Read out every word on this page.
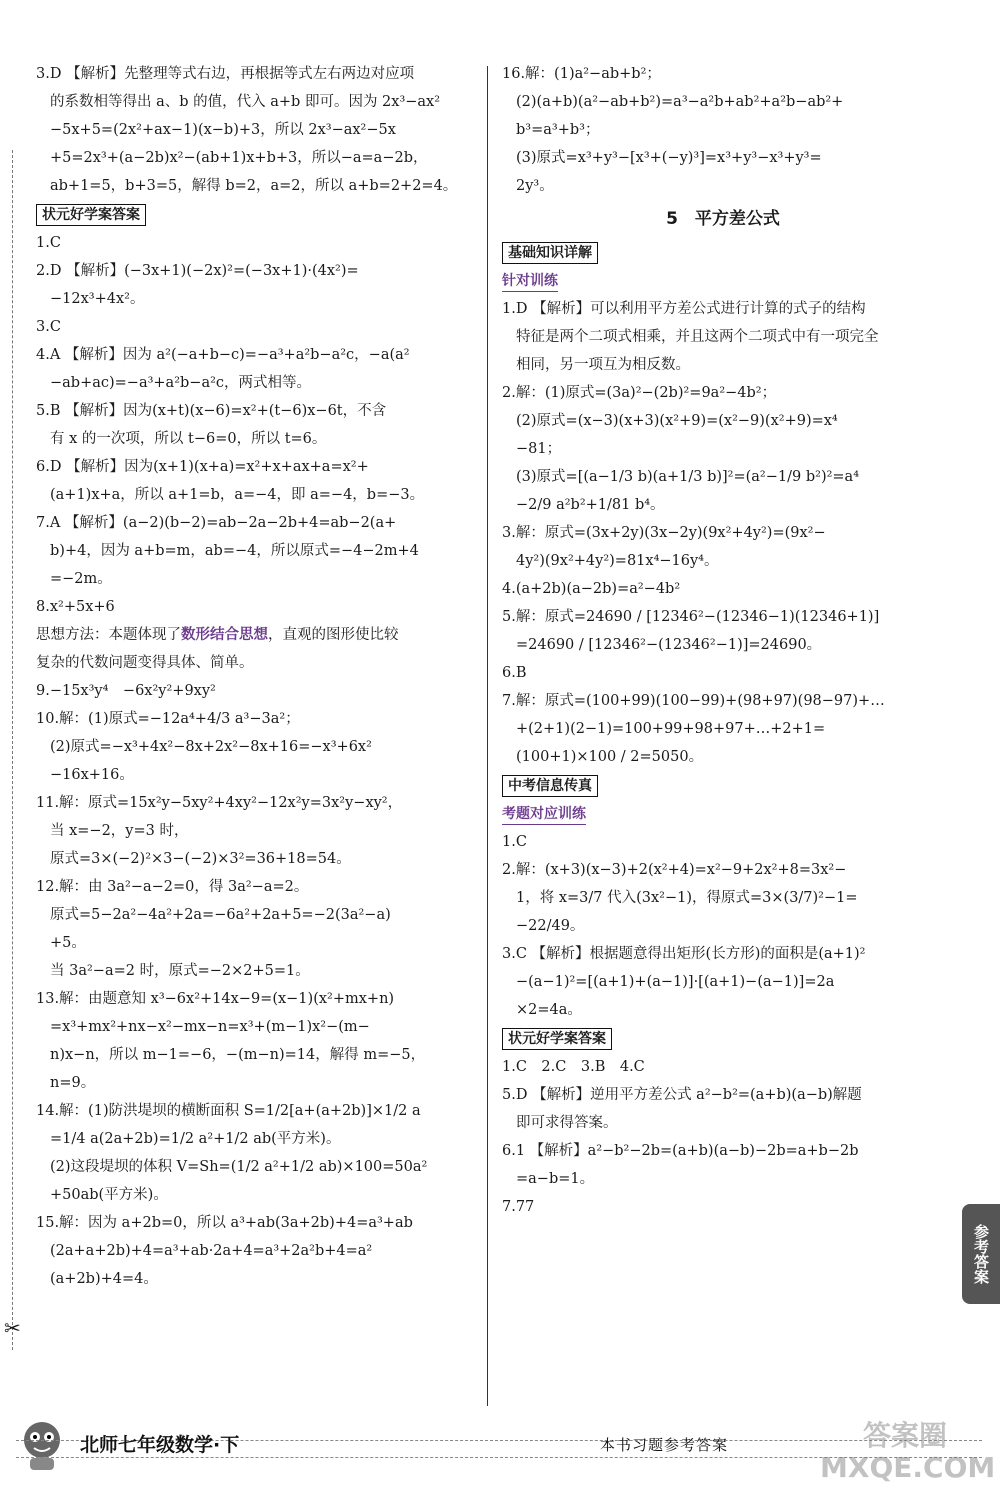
✂

3.D 【解析】先整理等式右边，再根据等式左右两边对应项

的系数相等得出 a、b 的值，代入 a+b 即可。因为 2x³−ax²

−5x+5=(2x²+ax−1)(x−b)+3，所以 2x³−ax²−5x

+5=2x³+(a−2b)x²−(ab+1)x+b+3，所以−a=a−2b，

ab+1=5，b+3=5，解得 b=2，a=2，所以 a+b=2+2=4。

状元好学案答案

1.C

2.D 【解析】(−3x+1)(−2x)²=(−3x+1)·(4x²)=

−12x³+4x²。

3.C

4.A 【解析】因为 a²(−a+b−c)=−a³+a²b−a²c，−a(a²

−ab+ac)=−a³+a²b−a²c，两式相等。

5.B 【解析】因为(x+t)(x−6)=x²+(t−6)x−6t，不含

有 x 的一次项，所以 t−6=0，所以 t=6。

6.D 【解析】因为(x+1)(x+a)=x²+x+ax+a=x²+

(a+1)x+a，所以 a+1=b，a=−4，即 a=−4，b=−3。

7.A 【解析】(a−2)(b−2)=ab−2a−2b+4=ab−2(a+

b)+4，因为 a+b=m，ab=−4，所以原式=−4−2m+4

=−2m。

8.x²+5x+6

思想方法：本题体现了数形结合思想，直观的图形使比较

复杂的代数问题变得具体、简单。

9.−15x³y⁴　−6x²y²+9xy²

10.解：(1)原式=−12a⁴+4/3 a³−3a²；

(2)原式=−x³+4x²−8x+2x²−8x+16=−x³+6x²

−16x+16。

11.解：原式=15x²y−5xy²+4xy²−12x²y=3x²y−xy²，

当 x=−2，y=3 时，

原式=3×(−2)²×3−(−2)×3²=36+18=54。

12.解：由 3a²−a−2=0，得 3a²−a=2。

原式=5−2a²−4a²+2a=−6a²+2a+5=−2(3a²−a)

+5。

当 3a²−a=2 时，原式=−2×2+5=1。

13.解：由题意知 x³−6x²+14x−9=(x−1)(x²+mx+n)

=x³+mx²+nx−x²−mx−n=x³+(m−1)x²−(m−

n)x−n，所以 m−1=−6，−(m−n)=14，解得 m=−5，

n=9。

14.解：(1)防洪堤坝的横断面积 S=1/2[a+(a+2b)]×1/2 a

=1/4 a(2a+2b)=1/2 a²+1/2 ab(平方米)。

(2)这段堤坝的体积 V=Sh=(1/2 a²+1/2 ab)×100=50a²

+50ab(平方米)。

15.解：因为 a+2b=0，所以 a³+ab(3a+2b)+4=a³+ab

(2a+a+2b)+4=a³+ab·2a+4=a³+2a²b+4=a²

(a+2b)+4=4。

16.解：(1)a²−ab+b²；

(2)(a+b)(a²−ab+b²)=a³−a²b+ab²+a²b−ab²+

b³=a³+b³；

(3)原式=x³+y³−[x³+(−y)³]=x³+y³−x³+y³=

2y³。

5　平方差公式
基础知识详解
针对训练

1.D 【解析】可以利用平方差公式进行计算的式子的结构

特征是两个二项式相乘，并且这两个二项式中有一项完全

相同，另一项互为相反数。

2.解：(1)原式=(3a)²−(2b)²=9a²−4b²；

(2)原式=(x−3)(x+3)(x²+9)=(x²−9)(x²+9)=x⁴

−81；

(3)原式=[(a−1/3 b)(a+1/3 b)]²=(a²−1/9 b²)²=a⁴

−2/9 a²b²+1/81 b⁴。

3.解：原式=(3x+2y)(3x−2y)(9x²+4y²)=(9x²−

4y²)(9x²+4y²)=81x⁴−16y⁴。

4.(a+2b)(a−2b)=a²−4b²

5.解：原式=24690 / [12346²−(12346−1)(12346+1)]

=24690 / [12346²−(12346²−1)]=24690。

6.B

7.解：原式=(100+99)(100−99)+(98+97)(98−97)+…

+(2+1)(2−1)=100+99+98+97+…+2+1=

(100+1)×100 / 2=5050。

中考信息传真
考题对应训练

1.C

2.解：(x+3)(x−3)+2(x²+4)=x²−9+2x²+8=3x²−

1，将 x=3/7 代入(3x²−1)，得原式=3×(3/7)²−1=

−22/49。

3.C 【解析】根据题意得出矩形(长方形)的面积是(a+1)²

−(a−1)²=[(a+1)+(a−1)]·[(a+1)−(a−1)]=2a

×2=4a。

状元好学案答案

1.C　2.C　3.B　4.C

5.D 【解析】逆用平方差公式 a²−b²=(a+b)(a−b)解题

即可求得答案。

6.1 【解析】a²−b²−2b=(a+b)(a−b)−2b=a+b−2b

=a−b=1。

7.77

参考答案
北师七年级数学·下	本书习题参考答案	答案圈
MXQE.COM
